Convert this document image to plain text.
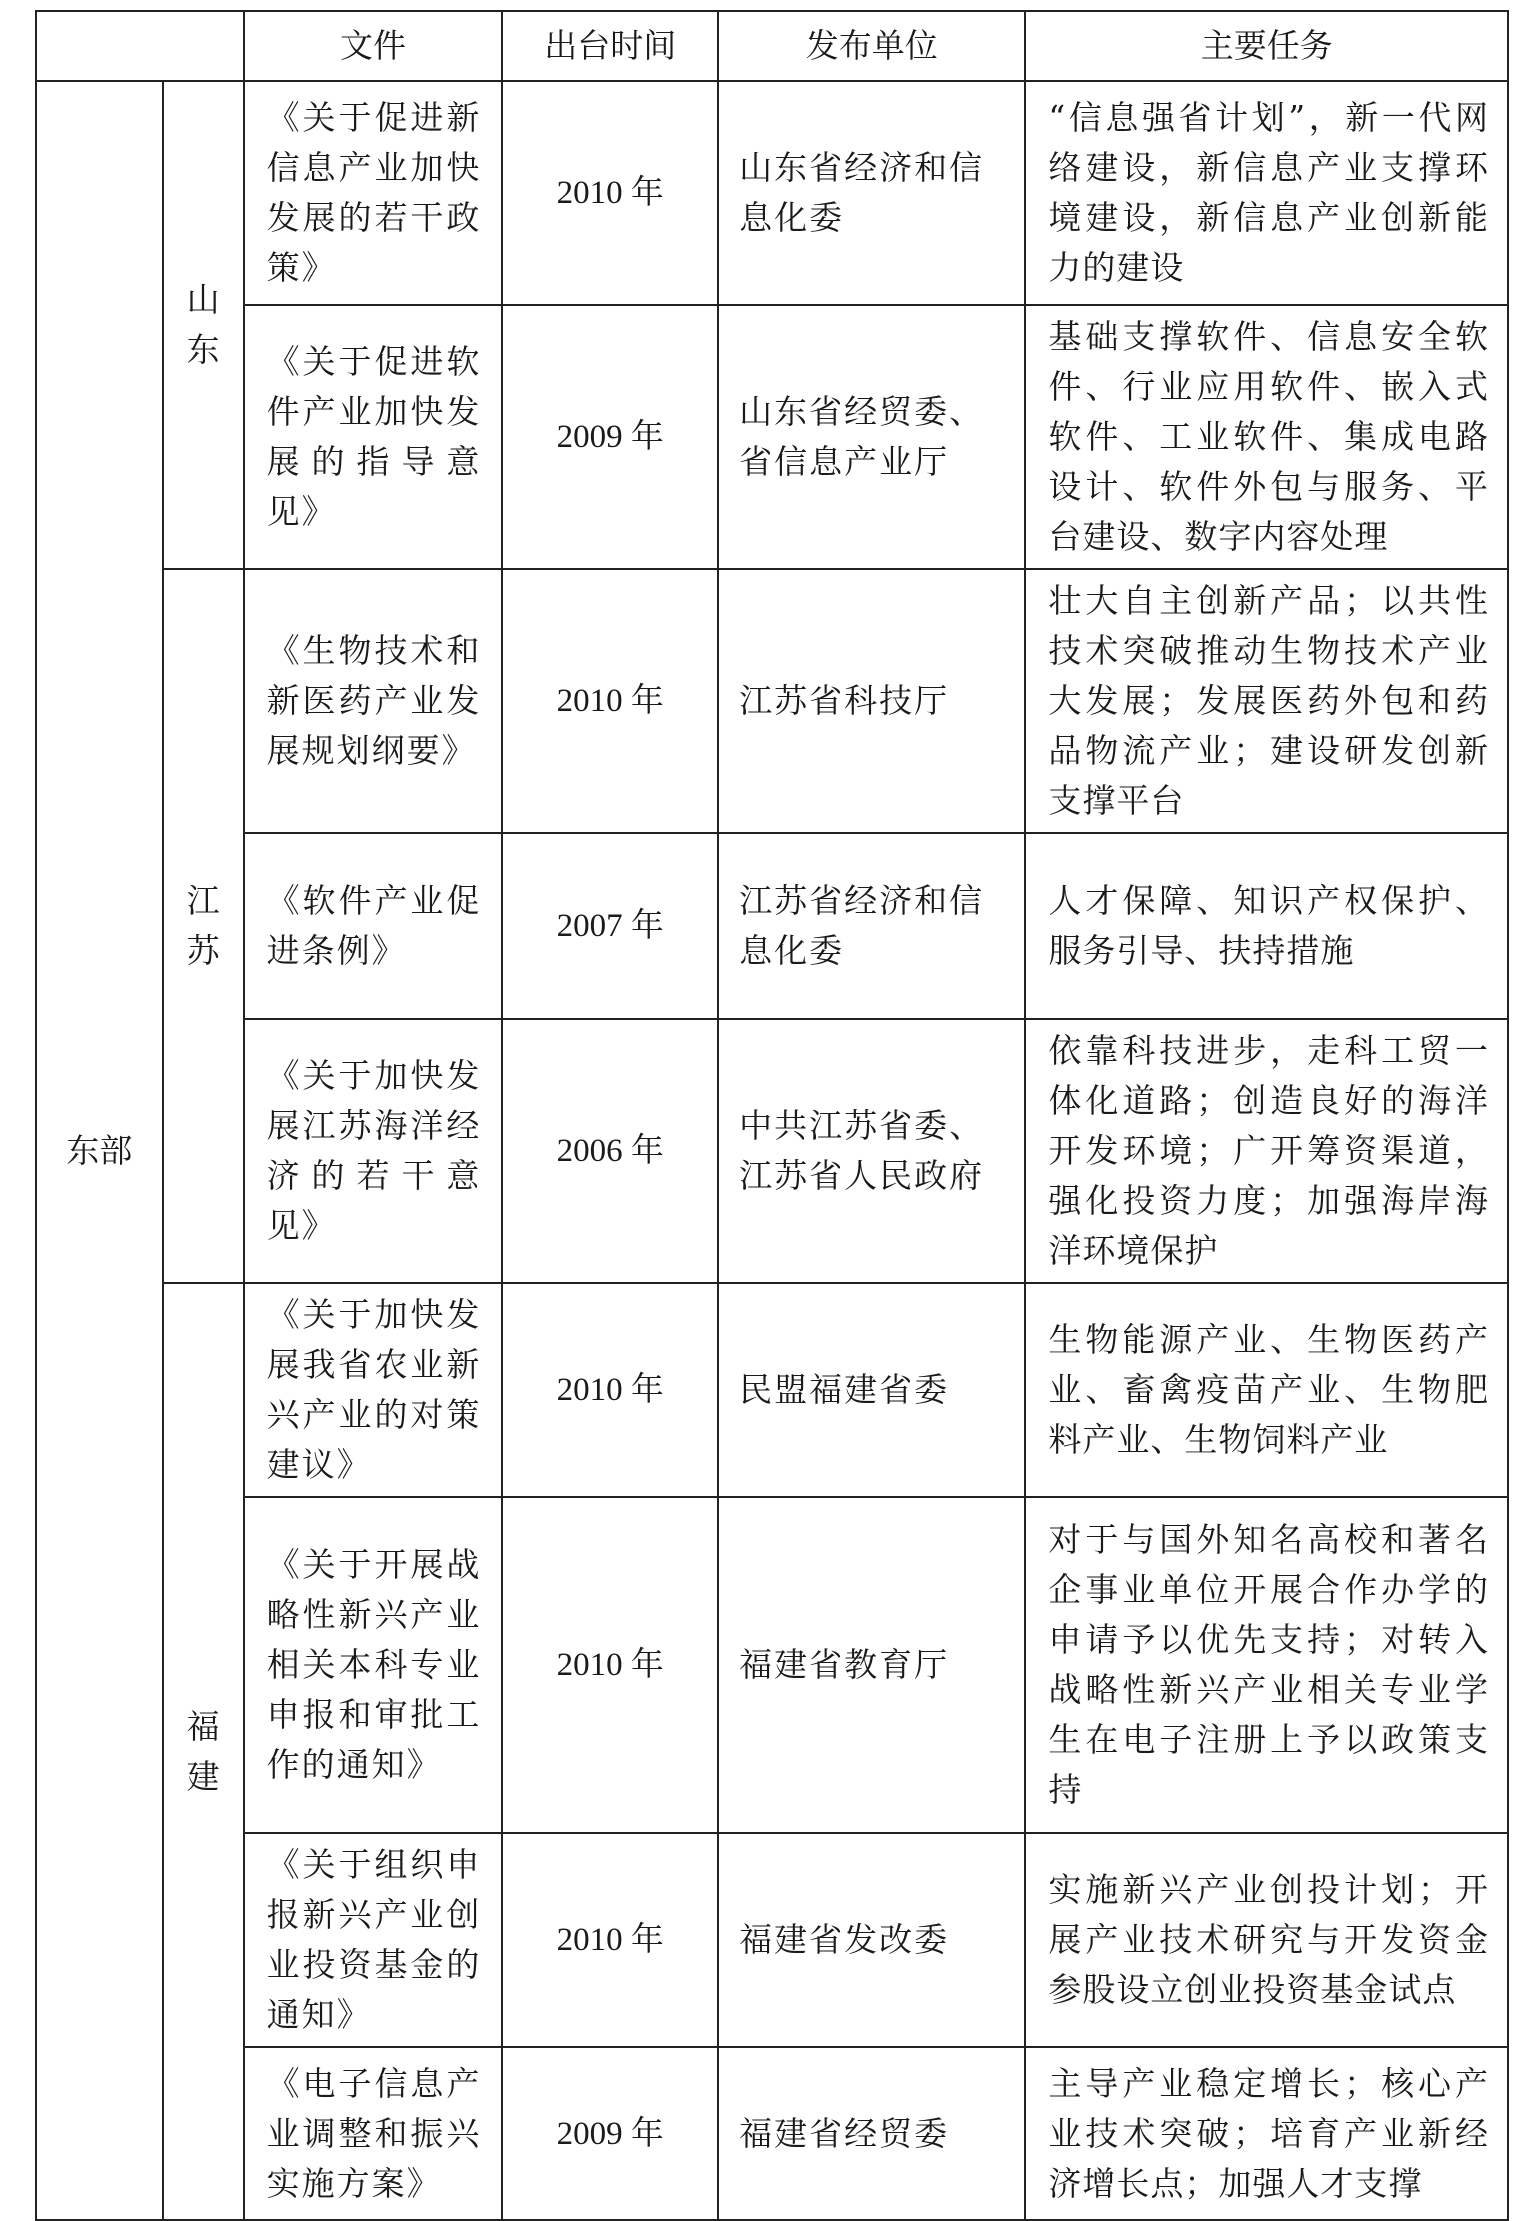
		文件	出台时间	发布单位	主要任务
东部	山东	《关于促进新信息产业加快发展的若干政策》	2010 年	山东省经济和信息化委	“信息强省计划”，新一代网络建设，新信息产业支撑环境建设，新信息产业创新能力的建设
		《关于促进软件产业加快发展的指导意见》	2009 年	山东省经贸委、省信息产业厅	基础支撑软件、信息安全软件、行业应用软件、嵌入式软件、工业软件、集成电路设计、软件外包与服务、平台建设、数字内容处理
	江苏	《生物技术和新医药产业发展规划纲要》	2010 年	江苏省科技厅	壮大自主创新产品；以共性技术突破推动生物技术产业大发展；发展医药外包和药品物流产业；建设研发创新支撑平台
		《软件产业促进条例》	2007 年	江苏省经济和信息化委	人才保障、知识产权保护、服务引导、扶持措施
		《关于加快发展江苏海洋经济的若干意见》	2006 年	中共江苏省委、江苏省人民政府	依靠科技进步，走科工贸一体化道路；创造良好的海洋开发环境；广开筹资渠道，强化投资力度；加强海岸海洋环境保护
	福建	《关于加快发展我省农业新兴产业的对策建议》	2010 年	民盟福建省委	生物能源产业、生物医药产业、畜禽疫苗产业、生物肥料产业、生物饲料产业
		《关于开展战略性新兴产业相关本科专业申报和审批工作的通知》	2010 年	福建省教育厅	对于与国外知名高校和著名企事业单位开展合作办学的申请予以优先支持；对转入战略性新兴产业相关专业学生在电子注册上予以政策支持
		《关于组织申报新兴产业创业投资基金的通知》	2010 年	福建省发改委	实施新兴产业创投计划；开展产业技术研究与开发资金参股设立创业投资基金试点
		《电子信息产业调整和振兴实施方案》	2009 年	福建省经贸委	主导产业稳定增长；核心产业技术突破；培育产业新经济增长点；加强人才支撑
